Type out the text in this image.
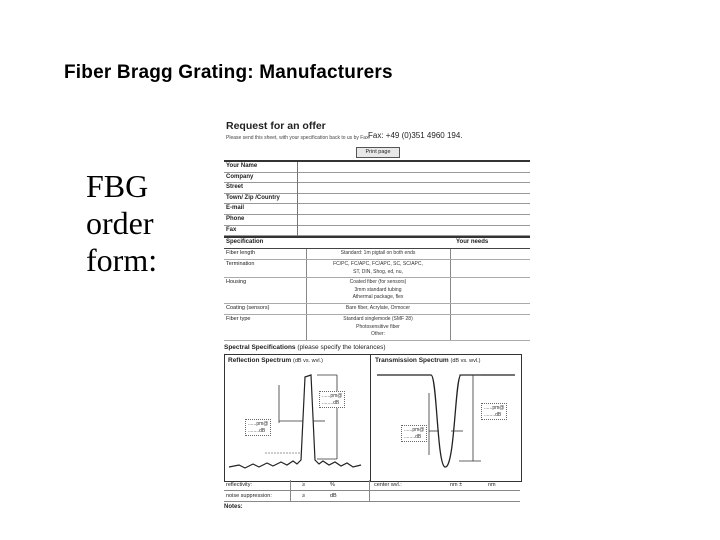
Fiber Bragg Grating: Manufacturers
FBG
order
form:
Request for an offer
Please send this sheet, with your specification back to us by Fax:
Fax: +49 (0)351 4960 194.
Print page
Your Name
Company
Street
Town/ Zip /Country
E-mail
Phone
Fax
Specification	Your needs
Fiber length	Standard: 1m pigtail on both ends
Termination	FC/PC, FC/APC, FC/APC, SC, SC/APC,
ST, DIN, Shog, ed, nu,
Housing	Coated fiber (for sensors)
3mm standard tubing
Athermal package, flex
Coating (sensors)	Bare fiber, Acrylate, Ormocer
Fiber type	Standard singlemode (SMF 28)
Photosensitive fiber
Other:
Spectral Specifications (please specify the tolerances)
Reflection Spectrum (dB vs. wvl.)	Transmission Spectrum (dB vs. wvl.)
......pm@
........dB
......pm@
........dB
......pm@
........dB
......pm@
........dB
reflectivity:	≥	%	center wvl.:	nm ±	nm
noise suppression:	≥	dB
Notes:
